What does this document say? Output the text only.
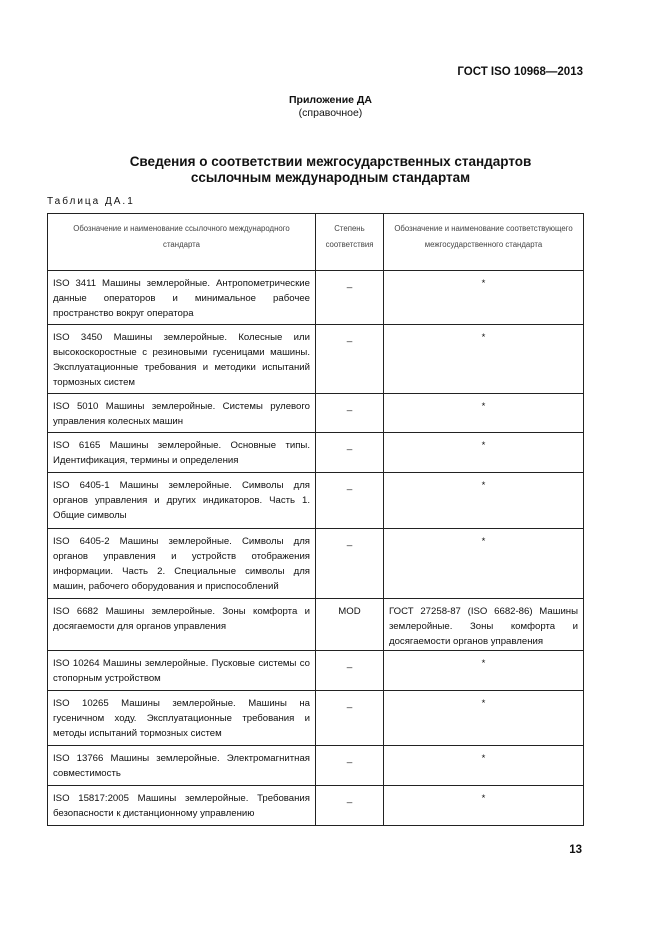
ГОСТ ISO 10968—2013
Приложение ДА
(справочное)
Сведения о соответствии межгосударственных стандартов
ссылочным международным стандартам
Таблица ДА.1
Обозначение и наименование ссылочного международного стандарта	Степень соответствия	Обозначение и наименование соответствующего межгосударственного стандарта
ISO 3411 Машины землеройные. Антропометрические данные операторов и минимальное рабочее пространство вокруг оператора	_	*
ISO 3450 Машины землеройные. Колесные или высокоскоростные с резиновыми гусеницами машины. Эксплуатационные требования и методики испытаний тормозных систем	_	*
ISO 5010 Машины землеройные. Системы рулевого управления колесных машин	_	*
ISO 6165 Машины землеройные. Основные типы. Идентификация, термины и определения	_	*
ISO 6405-1 Машины землеройные. Символы для органов управления и других индикаторов. Часть 1. Общие символы	_	*
ISO 6405-2 Машины землеройные. Символы для органов управления и устройств отображения информации. Часть 2. Специальные символы для машин, рабочего оборудования и приспособлений	_	*
ISO 6682 Машины землеройные. Зоны комфорта и досягаемости для органов управления	MOD	ГОСТ 27258-87 (ISO 6682-86) Машины землеройные. Зоны комфорта и досягаемости органов управления
ISO 10264 Машины землеройные. Пусковые системы со стопорным устройством	_	*
ISO 10265 Машины землеройные. Машины на гусеничном ходу. Эксплуатационные требования и методы испытаний тормозных систем	_	*
ISO 13766 Машины землеройные. Электромагнитная совместимость	_	*
ISO 15817:2005 Машины землеройные. Требования безопасности к дистанционному управлению	_	*
13
